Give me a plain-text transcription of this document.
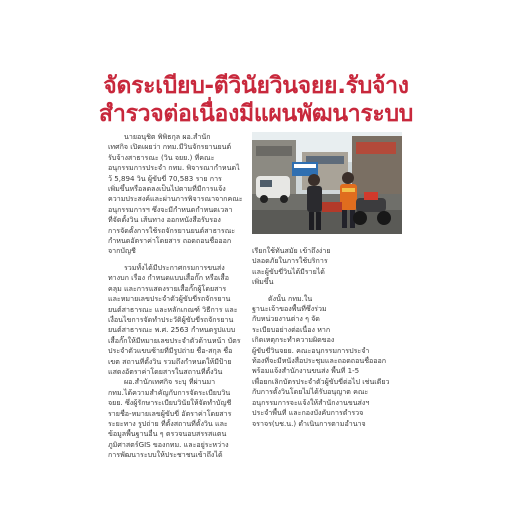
จัดระเบียบ-ตีวินัยวินจยย.รับจ้าง
สำรวจต่อเนื่องมีแผนพัฒนาระบบ

นายอนุชิต พิพิธกุล ผอ.สำนัก

เทศกิจ เปิดเผยว่า กทม.มีวินจักรยานยนต์

รับจ้างสาธารณะ (วิน จยย.) ที่คณะ

อนุกรรมการประจำ กทม. พิจารณากำหนดไ

ว้ 5,894 วิน ผู้ขับขี่ 70,583 ราย การ

เพิ่มขึ้นหรือลดลงเป็นไปตามที่มีการแจ้ง

ความประสงค์และผ่านการพิจารณาจากคณะ

อนุกรรมการฯ ซึ่งจะมีกำหนดกำหนดเวลา

ที่จัดตั้งวิน เส้นทาง ออกหนังสือรับรอง

การจัดตั้งการใช้รถจักรยานยนต์สาธารณะ

กำหนดอัตราค่าโดยสาร ถอดถอนชื่อออก

จากบัญชี

รวมทั้งได้มีประกาศกรมการขนส่ง

ทางบก เรื่อง กำหนดแบบเสื้อกั๊ก หรือเสื้อ

คลุม และการแสดงรายเสื้อกั๊กผู้โดยสาร

และหมายเลขประจำตัวผู้ขับขี่รถจักรยาน

ยนต์สาธารณะ และหลักเกณฑ์ วิธีการ และ

เงื่อนไขการจัดทำประวัติผู้ขับขี่รถจักรยาน

ยนต์สาธารณะ พ.ศ. 2563 กำหนดรูปแบบ

เสื้อกั๊กให้มีหมายเลขประจำตัวด้านหน้า บัตร

ประจำตัวแขนซ้ายที่มีรูปถ่าย ชื่อ-สกุล ชื่อ

เขต สถานที่ตั้งวิน รวมถึงกำหนดให้มีป้าย

แสดงอัตราค่าโดยสารในสถานที่ตั้งวิน

ผอ.สำนักเทศกิจ ระบุ ที่ผ่านมา

กทม.ได้ความสำคัญกับการจัดระเบียบวิน

จยย. ซึ่งผู้รักษาระเบียบวินัยให้จัดทำบัญชี

รายชื่อ-หมายเลขผู้ขับขี่ อัตราค่าโดยสาร

ระยะทาง รูปถ่าย ที่ตั้งสถานที่ตั้งวิน และ

ข้อมูลพื้นฐานอื่น ๆ ตรวจนอบสรรสแตน

ภูมิศาสตร์GIS ของกทม. และอยู่ระหว่าง

การพัฒนาระบบให้ประชาชนเข้าถึงได้

เรียกใช้ทันสมัย เข้าถึงง่าย

ปลอดภัยในการใช้บริการ

และผู้ขับขี่วินได้มีรายได้

เพิ่มขึ้น

ดังนั้น กทม.ใน

ฐานะเจ้าของพื้นที่ซึ่งร่วม

กับหน่วยงานต่าง ๆ จัด

ระเบียบอย่างต่อเนื่อง หาก

เกิดเหตุกระทำความผิดของ

ผู้ขับขี่วินจยย. คณะอนุกรรมการประจำ

ท้องที่จะมีหนังสือประชุมและถอดถอนชื่อออก

พร้อมแจ้งสำนักงานขนส่ง พื้นที่ 1-5

เพื่อยกเลิกบัตรประจำตัวผู้ขับขี่ต่อไป เช่นเดียว

กับการตั้งวินโดยไม่ได้รับอนุญาต คณะ

อนุกรรมการจะแจ้งให้สำนักงานขนส่งฯ

ประจำพื้นที่ และกองบังคับการตำรวจ

จราจร(บช.น.) ดำเนินการตามอำนาจ
